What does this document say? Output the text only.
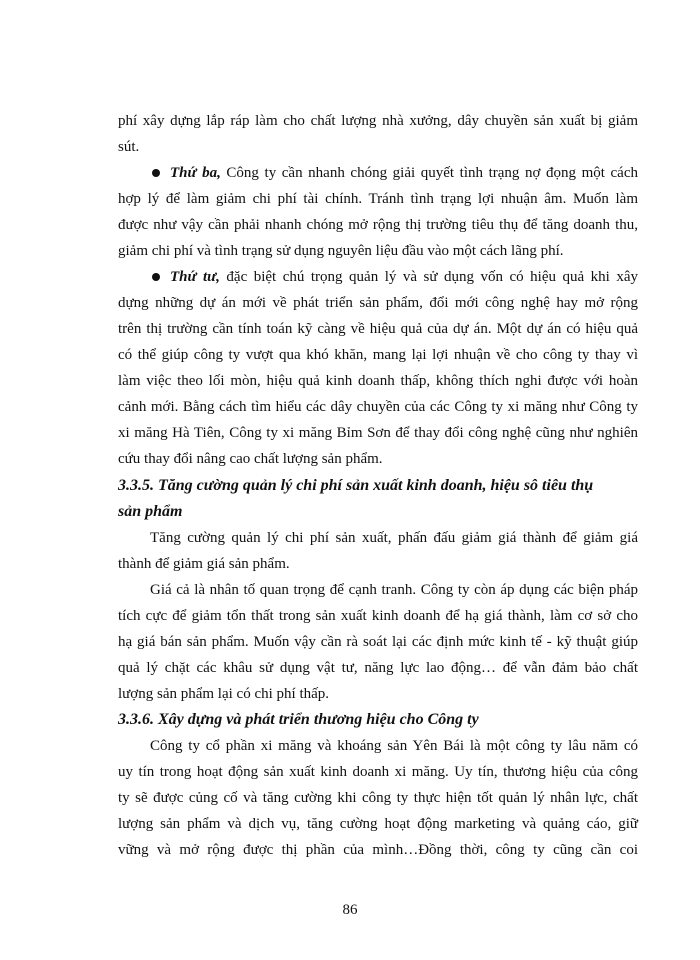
phí xây dựng lắp ráp làm cho chất lượng nhà xưởng, dây chuyền sản xuất bị giảm
sút.
Thứ ba, Công ty cần nhanh chóng giải quyết tình trạng nợ đọng một cách
hợp lý để làm giảm chi phí tài chính. Tránh tình trạng lợi nhuận âm. Muốn làm
được như vậy cần phải nhanh chóng mở rộng thị trường tiêu thụ để tăng doanh thu,
giảm chi phí và tình trạng sử dụng nguyên liệu đầu vào một cách lãng phí.
Thứ tư, đặc biệt chú trọng quản lý và sử dụng vốn có hiệu quả khi xây
dựng những dự án mới về phát triển sản phẩm, đổi mới công nghệ hay mở rộng
trên thị trường cần tính toán kỹ càng về hiệu quả của dự án. Một dự án có hiệu quả
có thể giúp công ty vượt qua khó khăn, mang lại lợi nhuận về cho công ty thay vì
làm việc theo lối mòn, hiệu quả kinh doanh thấp, không thích nghi được với hoàn
cảnh mới. Bằng cách tìm hiểu các dây chuyền của các Công ty xi măng như Công ty
xi măng Hà Tiên, Công ty xi măng Bỉm Sơn để thay đổi công nghệ cũng như nghiên
cứu thay đổi nâng cao chất lượng sản phẩm.
3.3.5. Tăng cường quản lý chi phí sản xuất kinh doanh, hiệu sô tiêu thụ
sản phẩm
Tăng cường quản lý chi phí sản xuất, phấn đấu giảm giá thành để giảm giá
thành để giảm giá sản phẩm.
Giá cả là nhân tố quan trọng để cạnh tranh. Công ty còn áp dụng các biện pháp
tích cực để giảm tổn thất trong sản xuất kinh doanh để hạ giá thành, làm cơ sở cho
hạ giá bán sản phẩm. Muốn vậy cần rà soát lại các định mức kinh tế - kỹ thuật giúp
quả lý chặt các khâu sử dụng vật tư, năng lực lao động… để vẫn đảm bảo chất
lượng sản phẩm lại có chi phí thấp.
3.3.6. Xây dựng và phát triển thương hiệu cho Công ty
Công ty cổ phần xi măng và khoáng sản Yên Bái là một công ty lâu năm có
uy tín trong hoạt động sản xuất kinh doanh xi măng. Uy tín, thương hiệu của công
ty sẽ được củng cố và tăng cường khi công ty thực hiện tốt quản lý nhân lực, chất
lượng sản phẩm và dịch vụ, tăng cường hoạt động marketing và quảng cáo, giữ
vững và mở rộng được thị phần của mình…Đồng thời, công ty cũng cần coi
86
